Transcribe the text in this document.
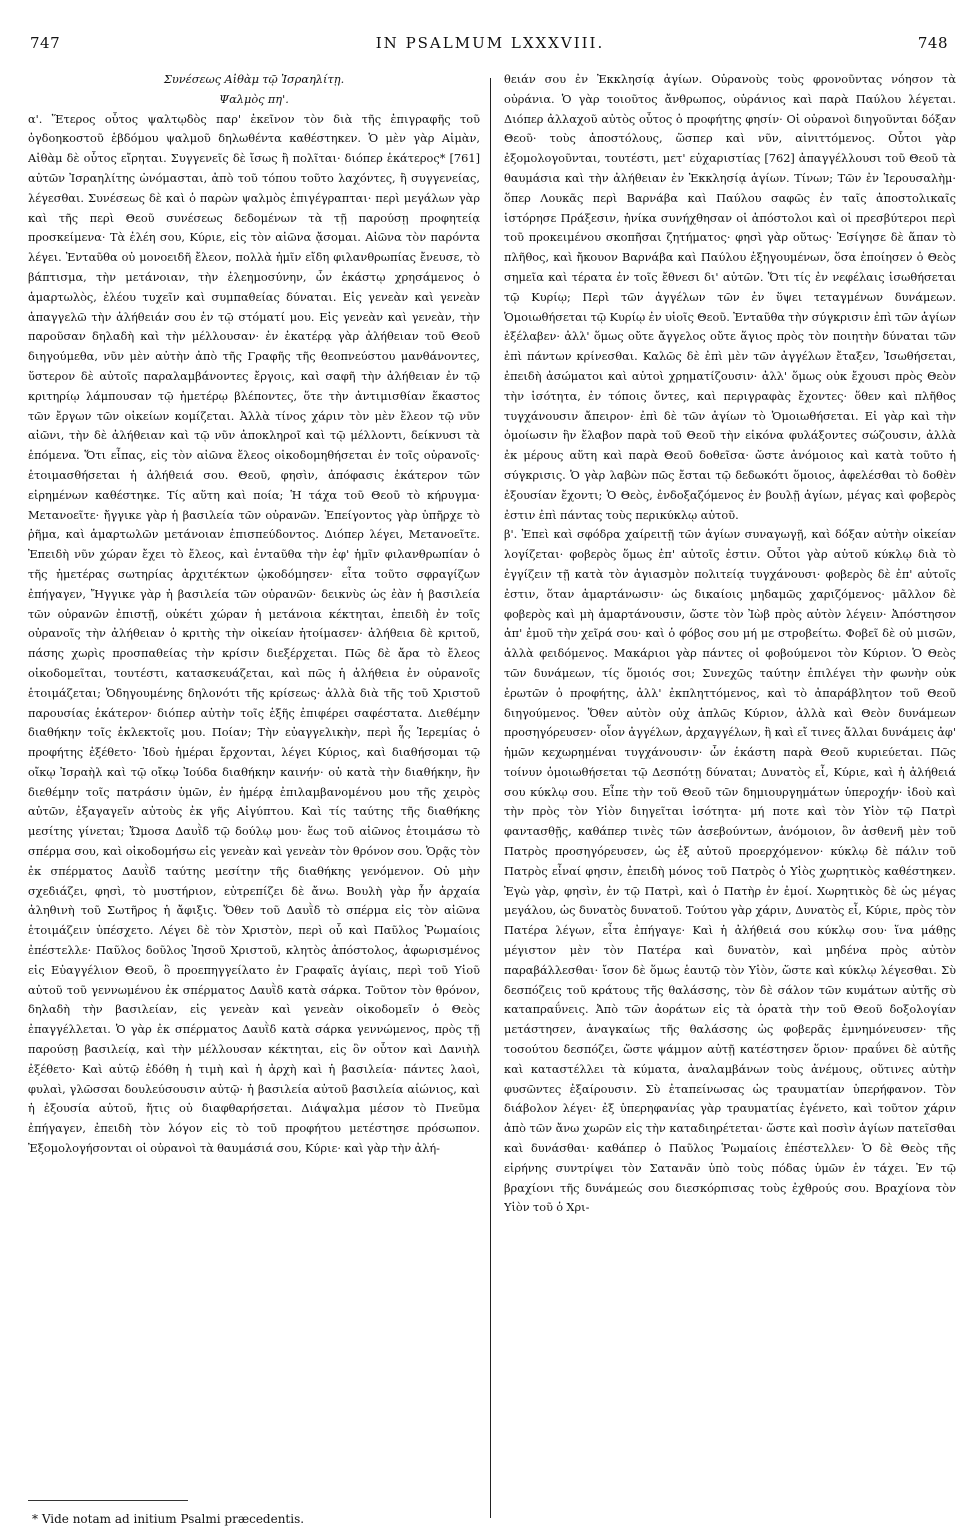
747	IN PSALMUM LXXXVIII.	748

Συνέσεως Αἰθὰμ τῷ Ἰσραηλίτῃ.

Ψαλμὸς πη'.

α'. Ἕτερος οὗτος ψαλτῳδὸς παρ' ἐκεῖνον τὸν διὰ τῆς ἐπιγραφῆς τοῦ ὀγδοηκοστοῦ ἑβδόμου ψαλμοῦ δηλωθέντα καθέστηκεν. Ὁ μὲν γὰρ Αἰμὰν, Αἰθὰμ δὲ οὗτος εἴρηται. Συγγενεῖς δὲ ἴσως ἢ πολῖται· διόπερ ἑκάτερος* [761] αὐτῶν Ἰσραηλίτης ὠνόμασται, ἀπὸ τοῦ τόπου τοῦτο λαχόντες, ἢ συγγενείας, λέγεσθαι. Συνέσεως δὲ καὶ ὁ παρὼν ψαλμὸς ἐπιγέγραπται· περὶ μεγάλων γὰρ καὶ τῆς περὶ Θεοῦ συνέσεως δεδομένων τὰ τῇ παρούσῃ προφητείᾳ προσκείμενα· Τὰ ἐλέη σου, Κύριε, εἰς τὸν αἰῶνα ᾄσομαι. Αἰῶνα τὸν παρόντα λέγει. Ἐνταῦθα οὐ μονοειδῆ ἔλεον, πολλὰ ἡμῖν εἴδη φιλανθρωπίας ἔνευσε, τὸ βάπτισμα, τὴν μετάνοιαν, τὴν ἐλεημοσύνην, ὧν ἑκάστῳ χρησάμενος ὁ ἁμαρτωλὸς, ἐλέου τυχεῖν καὶ συμπαθείας δύναται. Εἰς γενεὰν καὶ γενεὰν ἀπαγγελῶ τὴν ἀλήθειάν σου ἐν τῷ στόματί μου. Εἰς γενεὰν καὶ γενεὰν, τὴν παροῦσαν δηλαδὴ καὶ τὴν μέλλουσαν· ἐν ἑκατέρᾳ γὰρ ἀλήθειαν τοῦ Θεοῦ διηγούμεθα, νῦν μὲν αὐτὴν ἀπὸ τῆς Γραφῆς τῆς θεοπνεύστου μανθάνοντες, ὕστερον δὲ αὐτοῖς παραλαμβάνοντες ἔργοις, καὶ σαφῆ τὴν ἀλήθειαν ἐν τῷ κριτηρίῳ λάμπουσαν τῷ ἡμετέρῳ βλέποντες, ὅτε τὴν ἀντιμισθίαν ἕκαστος τῶν ἔργων τῶν οἰκείων κομίζεται. Ἀλλὰ τίνος χάριν τὸν μὲν ἔλεον τῷ νῦν αἰῶνι, τὴν δὲ ἀλήθειαν καὶ τῷ νῦν ἀποκληροῖ καὶ τῷ μέλλοντι, δείκνυσι τὰ ἑπόμενα. Ὅτι εἶπας, εἰς τὸν αἰῶνα ἔλεος οἰκοδομηθήσεται ἐν τοῖς οὐρανοῖς· ἑτοιμασθήσεται ἡ ἀλήθειά σου. Θεοῦ, φησὶν, ἀπόφασις ἑκάτερον τῶν εἰρημένων καθέστηκε. Τίς αὕτη καὶ ποία; Ἡ τάχα τοῦ Θεοῦ τὸ κήρυγμα· Μετανοεῖτε· ἤγγικε γὰρ ἡ βασιλεία τῶν οὐρανῶν. Ἐπείγοντος γὰρ ὑπῆρχε τὸ ῥῆμα, καὶ ἁμαρτωλῶν μετάνοιαν ἐπισπεύδοντος. Διόπερ λέγει, Μετανοεῖτε. Ἐπειδὴ νῦν χώραν ἔχει τὸ ἔλεος, καὶ ἐνταῦθα τὴν ἐφ' ἡμῖν φιλανθρωπίαν ὁ τῆς ἡμετέρας σωτηρίας ἀρχιτέκτων ᾠκοδόμησεν· εἶτα τοῦτο σφραγίζων ἐπήγαγεν, Ἤγγικε γὰρ ἡ βασιλεία τῶν οὐρανῶν· δεικνὺς ὡς ἐὰν ἡ βασιλεία τῶν οὐρανῶν ἐπιστῇ, οὐκέτι χώραν ἡ μετάνοια κέκτηται, ἐπειδὴ ἐν τοῖς οὐρανοῖς τὴν ἀλήθειαν ὁ κριτὴς τὴν οἰκείαν ἡτοίμασεν· ἀλήθεια δὲ κριτοῦ, πάσης χωρὶς προσπαθείας τὴν κρίσιν διεξέρχεται. Πῶς δὲ ἄρα τὸ ἔλεος οἰκοδομεῖται, τουτέστι, κατασκευάζεται, καὶ πῶς ἡ ἀλήθεια ἐν οὐρανοῖς ἑτοιμάζεται; Ὁδηγουμένης δηλονότι τῆς κρίσεως· ἀλλὰ διὰ τῆς τοῦ Χριστοῦ παρουσίας ἑκάτερον· διόπερ αὐτὴν τοῖς ἑξῆς ἐπιφέρει σαφέστατα. Διεθέμην διαθήκην τοῖς ἐκλεκτοῖς μου. Ποίαν; Τὴν εὐαγγελικὴν, περὶ ἧς Ἱερεμίας ὁ προφήτης ἐξέθετο· Ἰδοὺ ἡμέραι ἔρχονται, λέγει Κύριος, καὶ διαθήσομαι τῷ οἴκῳ Ἰσραὴλ καὶ τῷ οἴκῳ Ἰούδα διαθήκην καινήν· οὐ κατὰ τὴν διαθήκην, ἣν διεθέμην τοῖς πατράσιν ὑμῶν, ἐν ἡμέρᾳ ἐπιλαμβανομένου μου τῆς χειρὸς αὐτῶν, ἐξαγαγεῖν αὐτοὺς ἐκ γῆς Αἰγύπτου. Καὶ τίς ταύτης τῆς διαθήκης μεσίτης γίνεται; Ὤμοσα Δαυῒδ τῷ δούλῳ μου· ἕως τοῦ αἰῶνος ἑτοιμάσω τὸ σπέρμα σου, καὶ οἰκοδομήσω εἰς γενεὰν καὶ γενεὰν τὸν θρόνον σου. Ὁρᾷς τὸν ἐκ σπέρματος Δαυῒδ ταύτης μεσίτην τῆς διαθήκης γενόμενον. Οὐ μὴν σχεδιάζει, φησὶ, τὸ μυστήριον, εὐτρεπίζει δὲ ἄνω. Βουλὴ γὰρ ἦν ἀρχαία ἀληθινὴ τοῦ Σωτῆρος ἡ ἄφιξις. Ὅθεν τοῦ Δαυῒδ τὸ σπέρμα εἰς τὸν αἰῶνα ἑτοιμάζειν ὑπέσχετο. Λέγει δὲ τὸν Χριστὸν, περὶ οὗ καὶ Παῦλος Ῥωμαίοις ἐπέστελλε· Παῦλος δοῦλος Ἰησοῦ Χριστοῦ, κλητὸς ἀπόστολος, ἀφωρισμένος εἰς Εὐαγγέλιον Θεοῦ, ὃ προεπηγγείλατο ἐν Γραφαῖς ἁγίαις, περὶ τοῦ Υἱοῦ αὐτοῦ τοῦ γεννωμένου ἐκ σπέρματος Δαυῒδ κατὰ σάρκα. Τοῦτον τὸν θρόνον, δηλαδὴ τὴν βασιλείαν, εἰς γενεὰν καὶ γενεὰν οἰκοδομεῖν ὁ Θεὸς ἐπαγγέλλεται. Ὁ γὰρ ἐκ σπέρματος Δαυῒδ κατὰ σάρκα γεννώμενος, πρὸς τῇ παρούσῃ βασιλείᾳ, καὶ τὴν μέλλουσαν κέκτηται, εἰς ὃν οὗτον καὶ Δανιὴλ ἐξέθετο· Καὶ αὐτῷ ἐδόθη ἡ τιμὴ καὶ ἡ ἀρχὴ καὶ ἡ βασιλεία· πάντες λαοὶ, φυλαὶ, γλῶσσαι δουλεύσουσιν αὐτῷ· ἡ βασιλεία αὐτοῦ βασιλεία αἰώνιος, καὶ ἡ ἐξουσία αὐτοῦ, ἥτις οὐ διαφθαρήσεται. Διάψαλμα μέσον τὸ Πνεῦμα ἐπήγαγεν, ἐπειδὴ τὸν λόγον εἰς τὸ τοῦ προφήτου μετέστησε πρόσωπον. Ἐξομολογήσονται οἱ οὐρανοὶ τὰ θαυμάσιά σου, Κύριε· καὶ γὰρ τὴν ἀλή-

θειάν σου ἐν Ἐκκλησίᾳ ἁγίων. Οὐρανοὺς τοὺς φρονοῦντας νόησον τὰ οὐράνια. Ὁ γὰρ τοιοῦτος ἄνθρωπος, οὐράνιος καὶ παρὰ Παύλου λέγεται. Διόπερ ἀλλαχοῦ αὐτὸς οὗτος ὁ προφήτης φησίν· Οἱ οὐρανοὶ διηγοῦνται δόξαν Θεοῦ· τοὺς ἀποστόλους, ὥσπερ καὶ νῦν, αἰνιττόμενος. Οὗτοι γὰρ ἐξομολογοῦνται, τουτέστι, μετ' εὐχαριστίας [762] ἀπαγγέλλουσι τοῦ Θεοῦ τὰ θαυμάσια καὶ τὴν ἀλήθειαν ἐν Ἐκκλησίᾳ ἁγίων. Τίνων; Τῶν ἐν Ἱερουσαλὴμ· ὅπερ Λουκᾶς περὶ Βαρνάβα καὶ Παύλου σαφῶς ἐν ταῖς ἀποστολικαῖς ἱστόρησε Πράξεσιν, ἡνίκα συνήχθησαν οἱ ἀπόστολοι καὶ οἱ πρεσβύτεροι περὶ τοῦ προκειμένου σκοπῆσαι ζητήματος· φησὶ γὰρ οὕτως· Ἐσίγησε δὲ ἅπαν τὸ πλῆθος, καὶ ἤκουον Βαρνάβα καὶ Παύλου ἐξηγουμένων, ὅσα ἐποίησεν ὁ Θεὸς σημεῖα καὶ τέρατα ἐν τοῖς ἔθνεσι δι' αὐτῶν. Ὅτι τίς ἐν νεφέλαις ἰσωθήσεται τῷ Κυρίῳ; Περὶ τῶν ἀγγέλων τῶν ἐν ὕψει τεταγμένων δυνάμεων. Ὁμοιωθήσεται τῷ Κυρίῳ ἐν υἱοῖς Θεοῦ. Ἐνταῦθα τὴν σύγκρισιν ἐπὶ τῶν ἁγίων ἐξέλαβεν· ἀλλ' ὅμως οὔτε ἄγγελος οὔτε ἅγιος πρὸς τὸν ποιητὴν δύναται τῶν ἐπὶ πάντων κρίνεσθαι. Καλῶς δὲ ἐπὶ μὲν τῶν ἀγγέλων ἔταξεν, Ἰσωθήσεται, ἐπειδὴ ἀσώματοι καὶ αὐτοὶ χρηματίζουσιν· ἀλλ' ὅμως οὐκ ἔχουσι πρὸς Θεὸν τὴν ἰσότητα, ἐν τόποις ὄντες, καὶ περιγραφὰς ἔχοντες· ὅθεν καὶ πλῆθος τυγχάνουσιν ἄπειρον· ἐπὶ δὲ τῶν ἁγίων τὸ Ὁμοιωθήσεται. Εἰ γὰρ καὶ τὴν ὁμοίωσιν ἣν ἔλαβον παρὰ τοῦ Θεοῦ τὴν εἰκόνα φυλάξοντες σώζουσιν, ἀλλὰ ἐκ μέρους αὕτη καὶ παρὰ Θεοῦ δοθεῖσα· ὥστε ἀνόμοιος καὶ κατὰ τοῦτο ἡ σύγκρισις. Ὁ γὰρ λαβὼν πῶς ἔσται τῷ δεδωκότι ὅμοιος, ἀφελέσθαι τὸ δοθὲν ἐξουσίαν ἔχοντι; Ὁ Θεὸς, ἐνδοξαζόμενος ἐν βουλῇ ἁγίων, μέγας καὶ φοβερὸς ἐστιν ἐπὶ πάντας τοὺς περικύκλῳ αὐτοῦ.

β'. Ἐπεὶ καὶ σφόδρα χαίρειτῇ τῶν ἁγίων συναγωγῇ, καὶ δόξαν αὐτὴν οἰκείαν λογίζεται· φοβερὸς ὅμως ἐπ' αὐτοῖς ἐστιν. Οὗτοι γὰρ αὐτοῦ κύκλῳ διὰ τὸ ἐγγίζειν τῇ κατὰ τὸν ἁγιασμὸν πολιτείᾳ τυγχάνουσι· φοβερὸς δὲ ἐπ' αὐτοῖς ἐστιν, ὅταν ἁμαρτάνωσιν· ὡς δικαίοις μηδαμῶς χαριζόμενος· μᾶλλον δὲ φοβερὸς καὶ μὴ ἁμαρτάνουσιν, ὥστε τὸν Ἰὼβ πρὸς αὐτὸν λέγειν· Ἀπόστησον ἀπ' ἐμοῦ τὴν χεῖρά σου· καὶ ὁ φόβος σου μή με στροβείτω. Φοβεῖ δὲ οὐ μισῶν, ἀλλὰ φειδόμενος. Μακάριοι γὰρ πάντες οἱ φοβούμενοι τὸν Κύριον. Ὁ Θεὸς τῶν δυνάμεων, τίς ὅμοιός σοι; Συνεχῶς ταύτην ἐπιλέγει τὴν φωνὴν οὐκ ἐρωτῶν ὁ προφήτης, ἀλλ' ἐκπληττόμενος, καὶ τὸ ἀπαράβλητον τοῦ Θεοῦ διηγούμενος. Ὅθεν αὐτὸν οὐχ ἁπλῶς Κύριον, ἀλλὰ καὶ Θεὸν δυνάμεων προσηγόρευσεν· οἷον ἀγγέλων, ἀρχαγγέλων, ἢ καὶ εἴ τινες ἄλλαι δυνάμεις ἀφ' ἡμῶν κεχωρημέναι τυγχάνουσιν· ὧν ἑκάστη παρὰ Θεοῦ κυριεύεται. Πῶς τοίνυν ὁμοιωθήσεται τῷ Δεσπότῃ δύναται; Δυνατὸς εἶ, Κύριε, καὶ ἡ ἀλήθειά σου κύκλῳ σου. Εἶπε τὴν τοῦ Θεοῦ τῶν δημιουργημάτων ὑπεροχήν· ἰδοὺ καὶ τὴν πρὸς τὸν Υἱὸν διηγεῖται ἰσότητα· μή ποτε καὶ τὸν Υἱὸν τῷ Πατρὶ φαντασθῇς, καθάπερ τινὲς τῶν ἀσεβούντων, ἀνόμοιον, ὂν ἀσθενῆ μὲν τοῦ Πατρὸς προσηγόρευσεν, ὡς ἐξ αὐτοῦ προερχόμενον· κύκλῳ δὲ πάλιν τοῦ Πατρὸς εἶναί φησιν, ἐπειδὴ μόνος τοῦ Πατρὸς ὁ Υἱὸς χωρητικὸς καθέστηκεν. Ἐγὼ γὰρ, φησὶν, ἐν τῷ Πατρὶ, καὶ ὁ Πατὴρ ἐν ἐμοί. Χωρητικὸς δὲ ὡς μέγας μεγάλου, ὡς δυνατὸς δυνατοῦ. Τούτου γὰρ χάριν, Δυνατὸς εἶ, Κύριε, πρὸς τὸν Πατέρα λέγων, εἶτα ἐπήγαγε· Καὶ ἡ ἀλήθειά σου κύκλῳ σου· ἵνα μάθῃς μέγιστον μὲν τὸν Πατέρα καὶ δυνατὸν, καὶ μηδένα πρὸς αὐτὸν παραβάλλεσθαι· ἴσον δὲ ὅμως ἑαυτῷ τὸν Υἱὸν, ὥστε καὶ κύκλῳ λέγεσθαι. Σὺ δεσπόζεις τοῦ κράτους τῆς θαλάσσης, τὸν δὲ σάλον τῶν κυμάτων αὐτῆς σὺ καταπραΰνεις. Ἀπὸ τῶν ἀοράτων εἰς τὰ ὁρατὰ τὴν τοῦ Θεοῦ δοξολογίαν μετάστησεν, ἀναγκαίως τῆς θαλάσσης ὡς φοβερᾶς ἐμνημόνευσεν· τῆς τοσούτου δεσπόζει, ὥστε ψάμμον αὐτῇ κατέστησεν ὅριον· πραΰνει δὲ αὐτῆς καὶ καταστέλλει τὰ κύματα, ἀναλαμβάνων τοὺς ἀνέμους, οὕτινες αὐτὴν φυσῶντες ἐξαίρουσιν. Σὺ ἐταπείνωσας ὡς τραυματίαν ὑπερήφανον. Τὸν διάβολον λέγει· ἐξ ὑπερηφανίας γὰρ τραυματίας ἐγένετο, καὶ τοῦτον χάριν ἀπὸ τῶν ἄνω χωρῶν εἰς τὴν καταδιηρέτεται· ὥστε καὶ ποσὶν ἁγίων πατεῖσθαι καὶ δυνάσθαι· καθάπερ ὁ Παῦλος Ῥωμαίοις ἐπέστελλεν· Ὁ δὲ Θεὸς τῆς εἰρήνης συντρίψει τὸν Σατανᾶν ὑπὸ τοὺς πόδας ὑμῶν ἐν τάχει. Ἐν τῷ βραχίονι τῆς δυνάμεώς σου διεσκόρπισας τοὺς ἐχθρούς σου. Βραχίονα τὸν Υἱὸν τοῦ ὁ Χρι-

* Vide notam ad initium Psalmi præcedentis.
